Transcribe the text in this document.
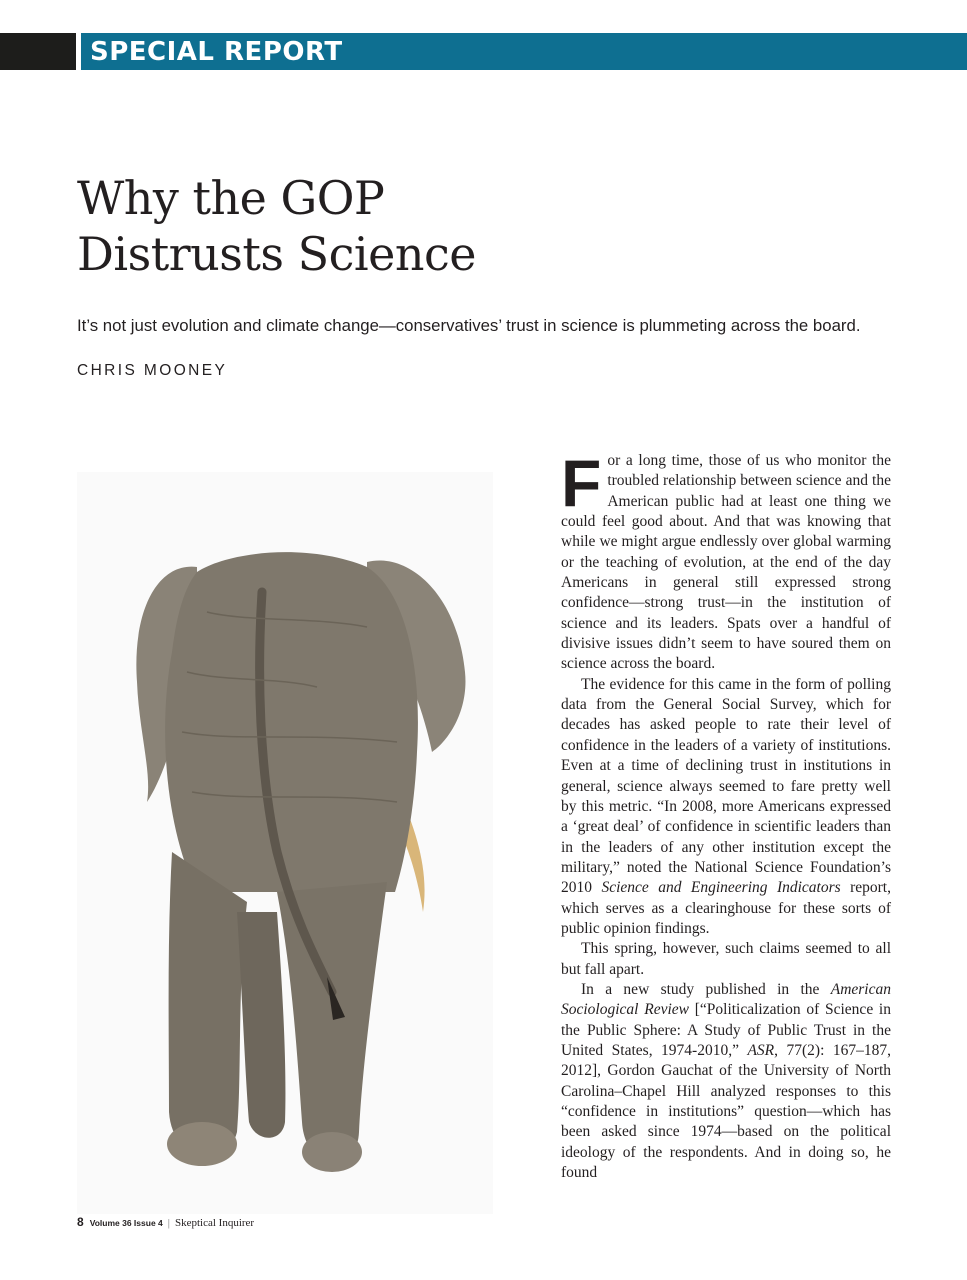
SPECIAL REPORT
Why the GOP
Distrusts Science
It’s not just evolution and climate change—conservatives’ trust in science is plummeting across the board.
CHRIS MOONEY

For a long time, those of us who monitor the troubled relationship between science and the American public had at least one thing we could feel good about. And that was knowing that while we might argue endlessly over global warming or the teaching of evolution, at the end of the day Americans in general still expressed strong confidence—strong trust—in the institution of science and its leaders. Spats over a handful of divisive issues didn’t seem to have soured them on science across the board.

The evidence for this came in the form of polling data from the General Social Survey, which for decades has asked people to rate their level of confidence in the leaders of a variety of institutions. Even at a time of declining trust in institutions in general, science always seemed to fare pretty well by this metric. “In 2008, more Americans expressed a ‘great deal’ of confidence in scientific leaders than in the leaders of any other institution except the military,” noted the National Science Foundation’s 2010 Science and Engineering Indicators report, which serves as a clearinghouse for these sorts of public opinion findings.

This spring, however, such claims seemed to all but fall apart.

In a new study published in the American Sociological Review [“Politicalization of Science in the Public Sphere: A Study of Public Trust in the United States, 1974-2010,” ASR, 77(2): 167–187, 2012], Gordon Gauchat of the University of North Carolina–Chapel Hill analyzed responses to this “confidence in institutions” question—which has been asked since 1974—based on the political ideology of the respondents. And in doing so, he found

8 Volume 36 Issue 4 | Skeptical Inquirer
